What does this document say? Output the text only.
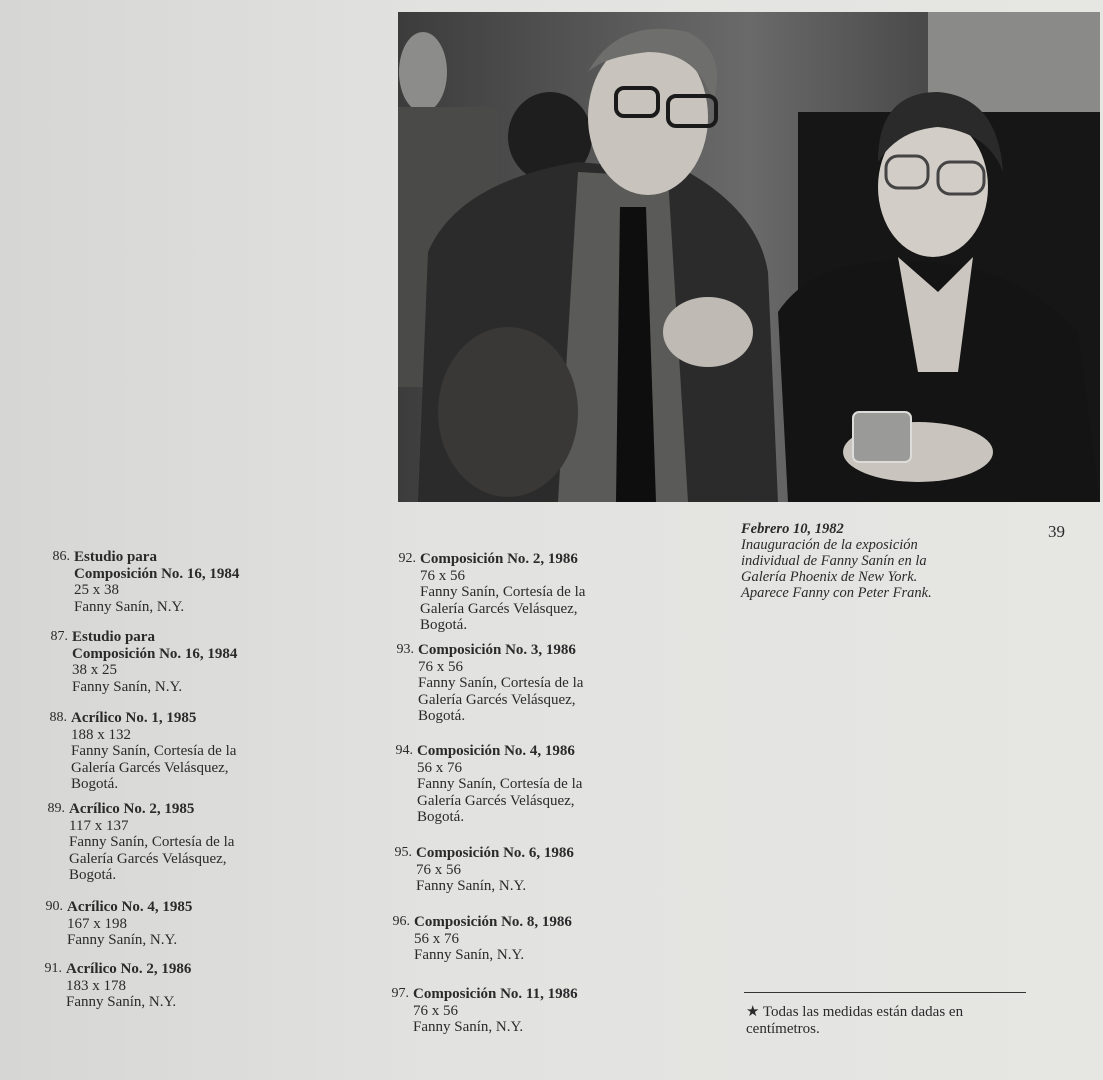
Febrero 10, 1982
Inauguración de la exposición
individual de Fanny Sanín en la
Galería Phoenix de New York.
Aparece Fanny con Peter Frank.
39
86. Estudio para
Composición No. 16, 1984
25 x 38
Fanny Sanín, N.Y.
87. Estudio para
Composición No. 16, 1984
38 x 25
Fanny Sanín, N.Y.
88. Acrílico No. 1, 1985
188 x 132
Fanny Sanín, Cortesía de la
Galería Garcés Velásquez,
Bogotá.
89. Acrílico No. 2, 1985
117 x 137
Fanny Sanín, Cortesía de la
Galería Garcés Velásquez,
Bogotá.
90. Acrílico No. 4, 1985
167 x 198
Fanny Sanín, N.Y.
91. Acrílico No. 2, 1986
183 x 178
Fanny Sanín, N.Y.
92. Composición No. 2, 1986
76 x 56
Fanny Sanín, Cortesía de la
Galería Garcés Velásquez,
Bogotá.
93. Composición No. 3, 1986
76 x 56
Fanny Sanín, Cortesía de la
Galería Garcés Velásquez,
Bogotá.
94. Composición No. 4, 1986
56 x 76
Fanny Sanín, Cortesía de la
Galería Garcés Velásquez,
Bogotá.
95. Composición No. 6, 1986
76 x 56
Fanny Sanín, N.Y.
96. Composición No. 8, 1986
56 x 76
Fanny Sanín, N.Y.
97. Composición No. 11, 1986
76 x 56
Fanny Sanín, N.Y.
★ Todas las medidas están dadas en
centímetros.
